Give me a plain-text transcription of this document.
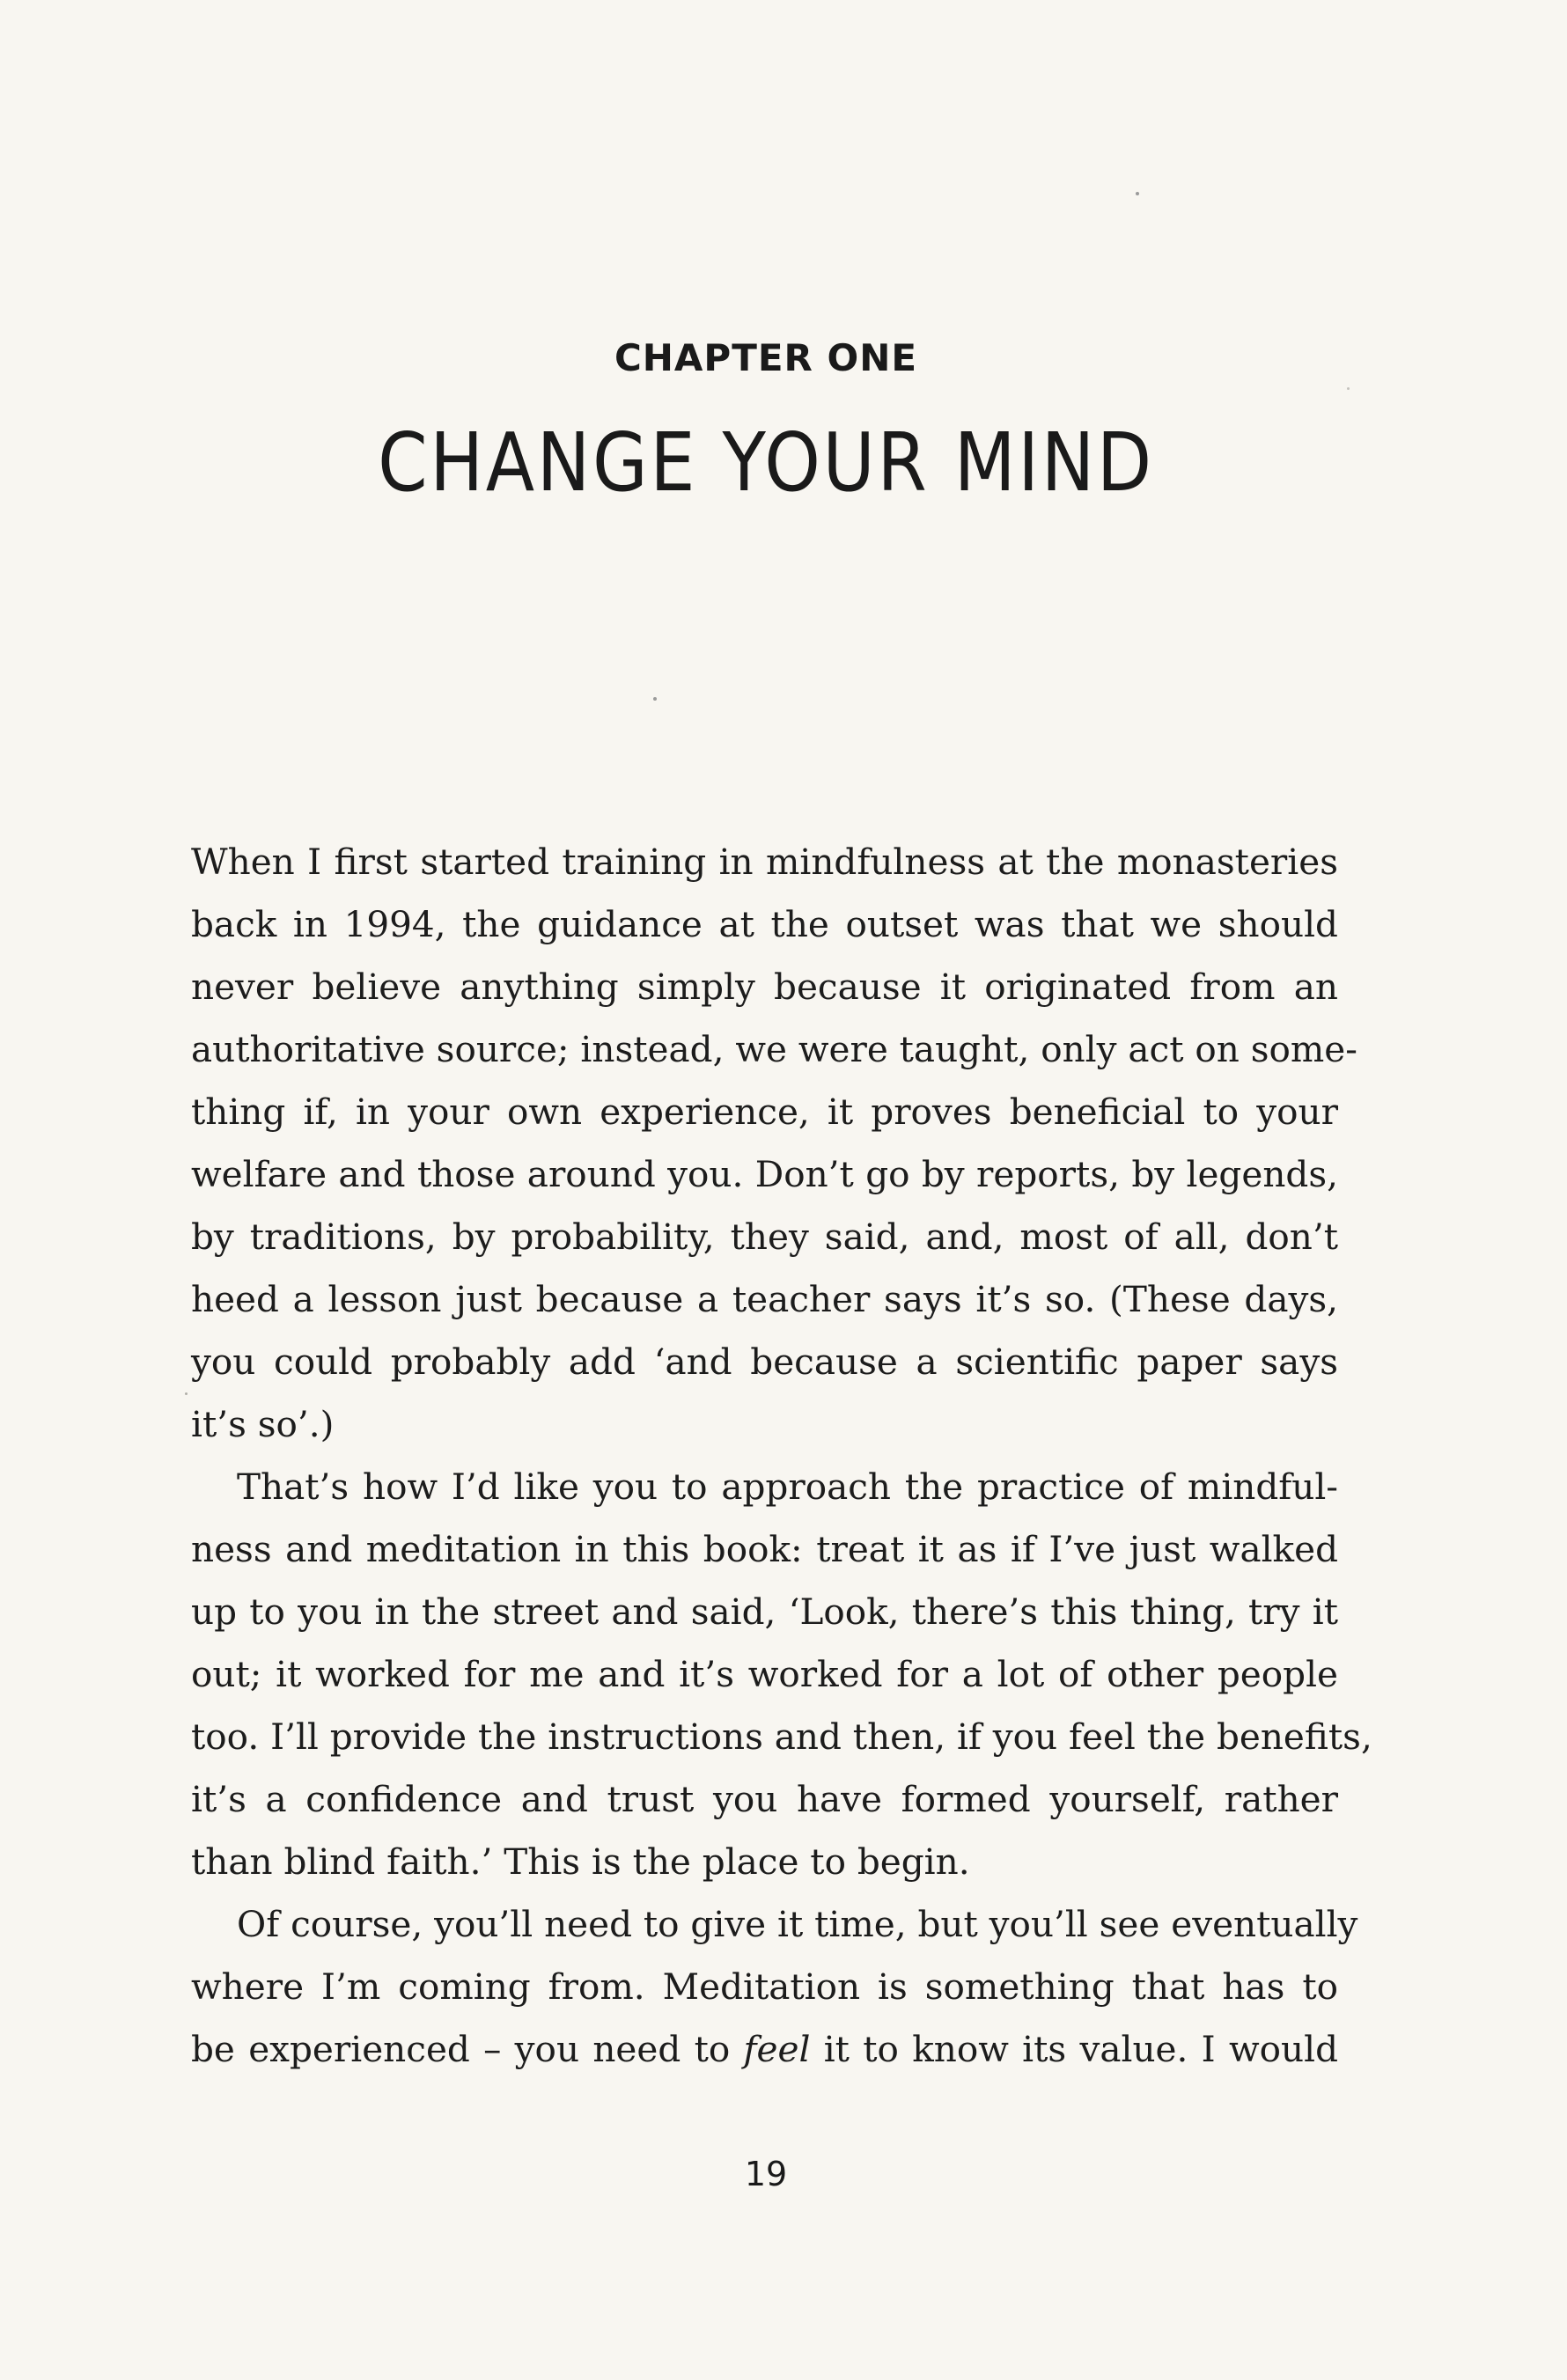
CHAPTER ONE
CHANGE YOUR MIND
When I first started training in mindfulness at the monasteries
back in 1994, the guidance at the outset was that we should
never believe anything simply because it originated from an
authoritative source; instead, we were taught, only act on some-
thing if, in your own experience, it proves beneficial to your
welfare and those around you. Don’t go by reports, by legends,
by traditions, by probability, they said, and, most of all, don’t
heed a lesson just because a teacher says it’s so. (These days,
you could probably add ‘and because a scientific paper says
it’s so’.)
That’s how I’d like you to approach the practice of mindful-
ness and meditation in this book: treat it as if I’ve just walked
up to you in the street and said, ‘Look, there’s this thing, try it
out; it worked for me and it’s worked for a lot of other people
too. I’ll provide the instructions and then, if you feel the benefits,
it’s a confidence and trust you have formed yourself, rather
than blind faith.’ This is the place to begin.
Of course, you’ll need to give it time, but you’ll see eventually
where I’m coming from. Meditation is something that has to
be experienced – you need to feel it to know its value. I would
19
